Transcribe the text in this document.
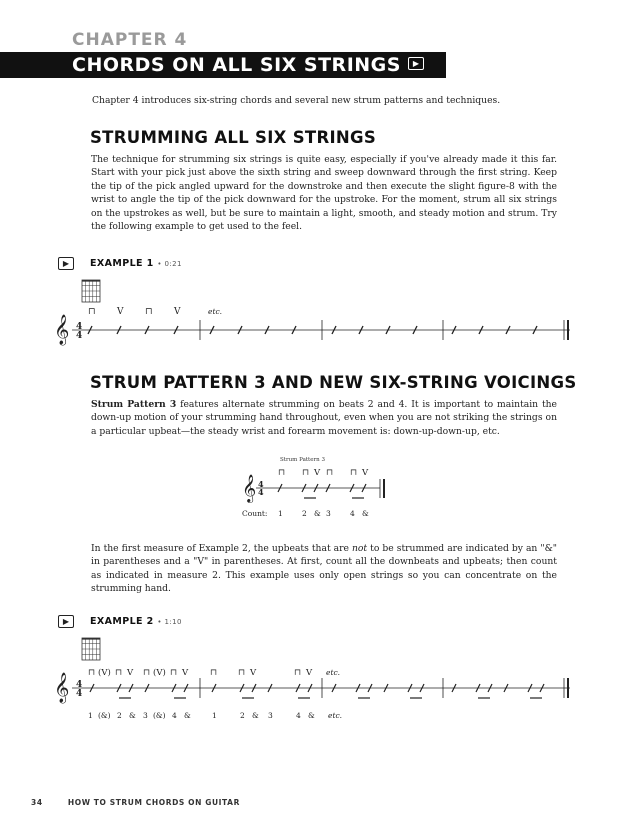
CHAPTER 4
CHORDS ON ALL SIX STRINGS	▶
Chapter 4 introduces six-string chords and several new strum patterns and techniques.
STRUMMING ALL SIX STRINGS
The technique for strumming six strings is quite easy, especially if you've already made it this far. Start with your pick just above the sixth string and sweep downward through the first string. Keep the tip of the pick angled upward for the downstroke and then execute the slight figure-8 with the wrist to angle the tip of the pick downward for the upstroke. For the moment, strum all six strings on the upstrokes as well, but be sure to maintain a light, smooth, and steady motion and strum. Try the following example to get used to the feel.
▶	EXAMPLE 1 • 0:21
⊓ V ⊓ V	etc.
𝄞 4
4
STRUM PATTERN 3 AND NEW SIX-STRING VOICINGS
Strum Pattern 3 features alternate strumming on beats 2 and 4. It is important to maintain the down-up motion of your strumming hand throughout, even when you are not striking the strings on a particular upbeat—the steady wrist and forearm movement is: down-up-down-up, etc.
Strum Pattern 3
⊓ ⊓ V ⊓ ⊓ V
𝄞 4
4
Count: 1	2 & 3	4 &
In the first measure of Example 2, the upbeats that are not to be strummed are indicated by an "&" in parentheses and a "V" in parentheses. At first, count all the downbeats and upbeats; then count as indicated in measure 2. This example uses only open strings so you can concentrate on the strumming hand.
▶	EXAMPLE 2 • 1:10
⊓ (V) ⊓ V ⊓ (V) ⊓ V	⊓ ⊓ V	⊓ V etc.
𝄞 4
4
1 (&) 2 & 3 (&) 4 &	1	2 & 3	4 & etc.
34	HOW TO STRUM CHORDS ON GUITAR
